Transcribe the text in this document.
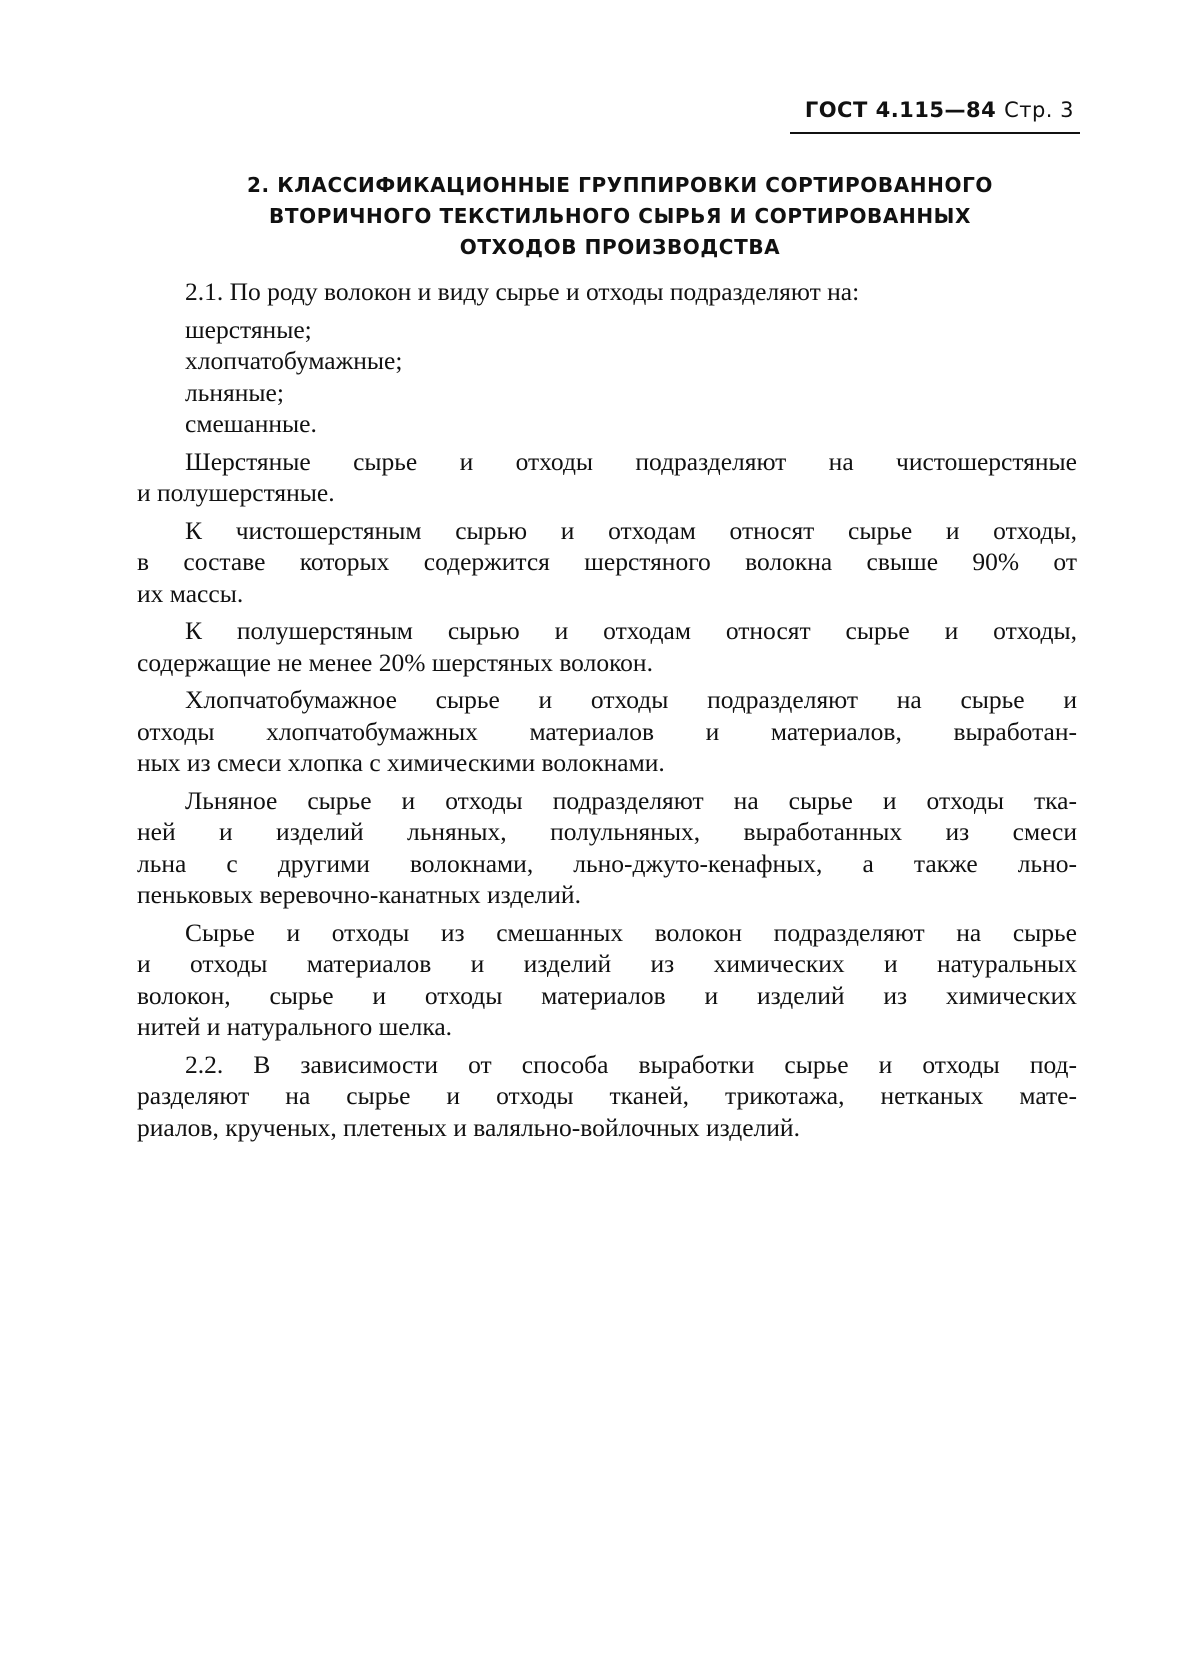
ГОСТ 4.115—84 Стр. 3
2. КЛАССИФИКАЦИОННЫЕ ГРУППИРОВКИ СОРТИРОВАННОГО
ВТОРИЧНОГО ТЕКСТИЛЬНОГО СЫРЬЯ И СОРТИРОВАННЫХ
ОТХОДОВ ПРОИЗВОДСТВА
2.1. По роду волокон и виду сырье и отходы подразделяют на:
шерстяные;
хлопчатобумажные;
льняные;
смешанные.
Шерстяные сырье и отходы подразделяют на чистошерстяные
и полушерстяные.
К чистошерстяным сырью и отходам относят сырье и отходы,
в составе которых содержится шерстяного волокна свыше 90% от
их массы.
К полушерстяным сырью и отходам относят сырье и отходы,
содержащие не менее 20% шерстяных волокон.
Хлопчатобумажное сырье и отходы подразделяют на сырье и
отходы хлопчатобумажных материалов и материалов, выработан-
ных из смеси хлопка с химическими волокнами.
Льняное сырье и отходы подразделяют на сырье и отходы тка-
ней и изделий льняных, полульняных, выработанных из смеси
льна с другими волокнами, льно-джуто-кенафных, а также льно-
пеньковых веревочно-канатных изделий.
Сырье и отходы из смешанных волокон подразделяют на сырье
и отходы материалов и изделий из химических и натуральных
волокон, сырье и отходы материалов и изделий из химических
нитей и натурального шелка.
2.2. В зависимости от способа выработки сырье и отходы под-
разделяют на сырье и отходы тканей, трикотажа, нетканых мате-
риалов, крученых, плетеных и валяльно-войлочных изделий.
